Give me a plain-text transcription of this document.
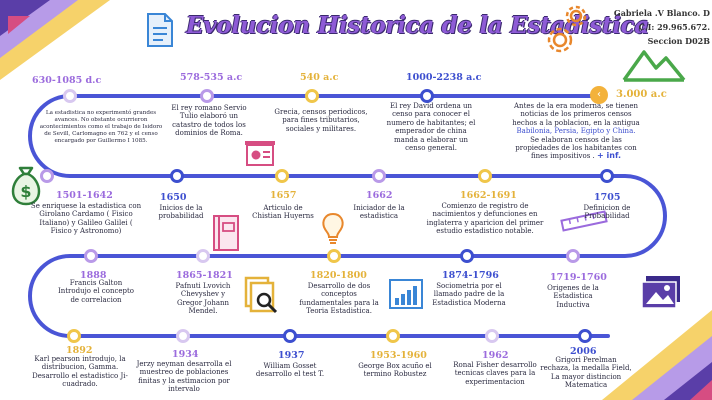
‹
Evolucion Historica de la Estadistica
Gabriela .V Blanco. D
C.I: 29.965.672.
Seccion D02B
$
630-1085 d.c
La estadistica no experimentó grandes avances. No obstante ocurrieron acontecimientos como el trabajo de Isidoro de Sevill, Carlomagno en 762 y el censo encargado por Guillermo I 1085.
578-535 a.c
El rey romano Servio Tulio elaboró un catastro de todos los dominios de Roma.
540 a.c
Grecia, censos periodicos, para fines tributarios, sociales y militares.
1000-2238 a.c
El rey David ordena un censo para conocer el numero de habitantes; el emperador de china manda a elaborar un censo general.
3.000 a.c
Antes de la era moderna, se tienen noticias de los primeros censos hechos a la poblacion, en la antigua Babilonia, Persia, Egipto y China. Se elaboran censos de las propiedades de los habitantes con fines impositivos . + inf.
1501-1642
Se enriquese la estadistica con Girolano Cardamo ( Fisico Italiano) y Galileo Galilei ( Fisico y Astronomo)
1650
Inicios de la probabilidad
1657
Articulo de Chistian Huyerns
1662
Iniciador de la estadistica
1662-1691
Comienzo de registro de nacimientos y defunciones en inglaterra y aparicion del primer estudio estadistico notable.
1705
Definicion de Probabilidad
1888
Francis Galton Introdujo el concepto de correlacion
1865-1821
Pafnuti Lvovich Chevyshev y Gregor Johann Mendel.
1820-1800
Desarrollo de dos conceptos fundamentales para la Teoria Estadistica.
1874-1796
Sociometria por el llamado padre de la Estadistica Moderna
1719-1760
Origenes de la Estadistica Inductiva
1892
Karl pearson introdujo, la distribucion, Gamma. Desarrollo el estadistico Ji-cuadrado.
1934
Jerzy neyman desarrolla el muestreo de poblaciones finitas y la estimacion por intervalo
1937
William Gosset desarrollo el test T.
1953-1960
George Box acuño el termino Robustez
1962
Ronal Fisher desarrollo tecnicas claves para la experimentacion
2006
Grigori Perelman rechaza, la medalla Field, La mayor distincion Matematica
